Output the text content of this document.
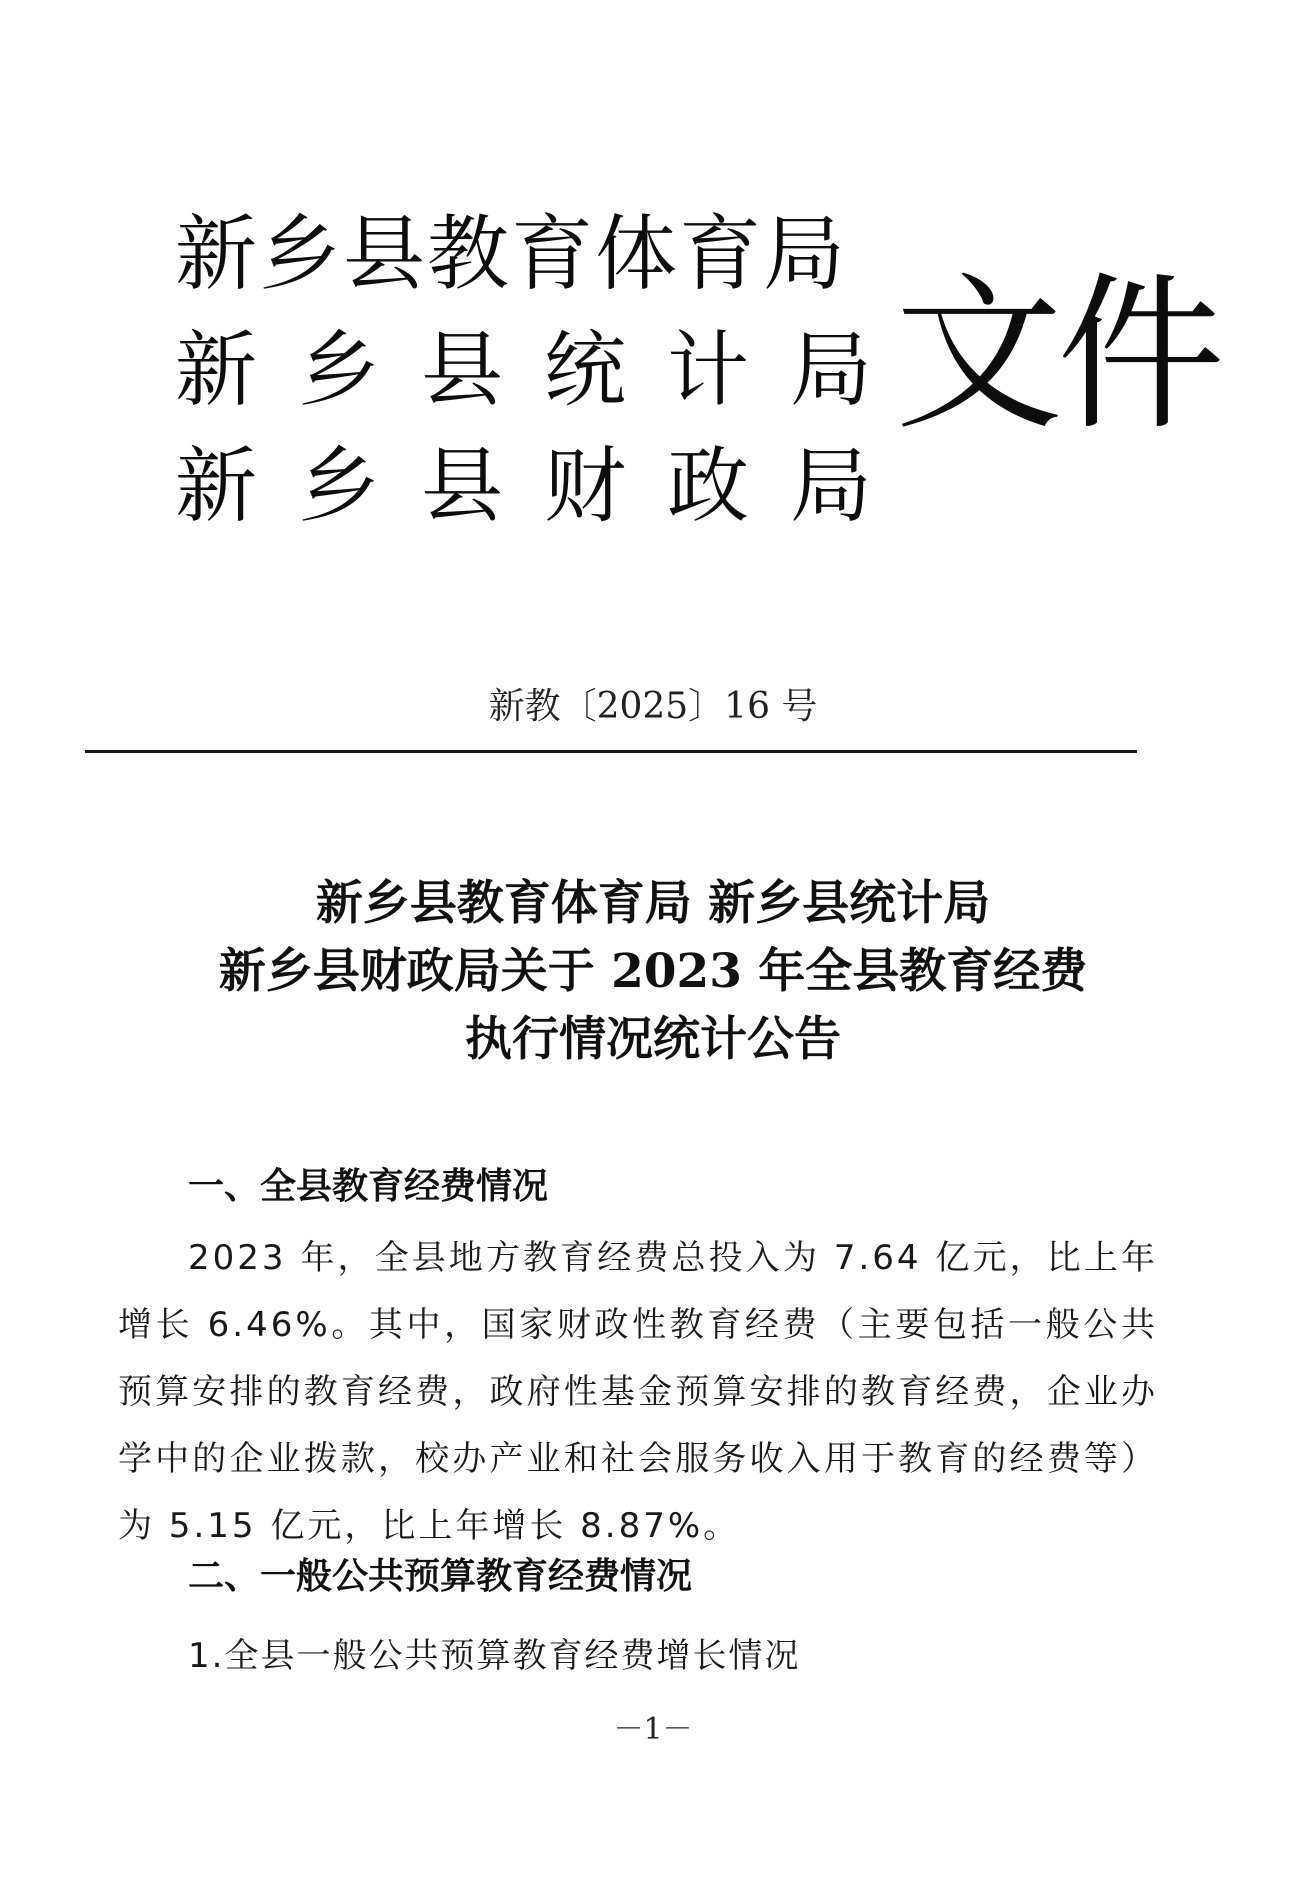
新乡县教育体育局
新乡县统计局
新乡县财政局
文件
新教〔2025〕16 号
新乡县教育体育局 新乡县统计局
新乡县财政局关于 2023 年全县教育经费
执行情况统计公告
一、全县教育经费情况
2023 年，全县地方教育经费总投入为 7.64 亿元，比上年增长 6.46%。其中，国家财政性教育经费（主要包括一般公共预算安排的教育经费，政府性基金预算安排的教育经费，企业办学中的企业拨款，校办产业和社会服务收入用于教育的经费等）为 5.15 亿元，比上年增长 8.87%。
二、一般公共预算教育经费情况
1.全县一般公共预算教育经费增长情况
－1－
